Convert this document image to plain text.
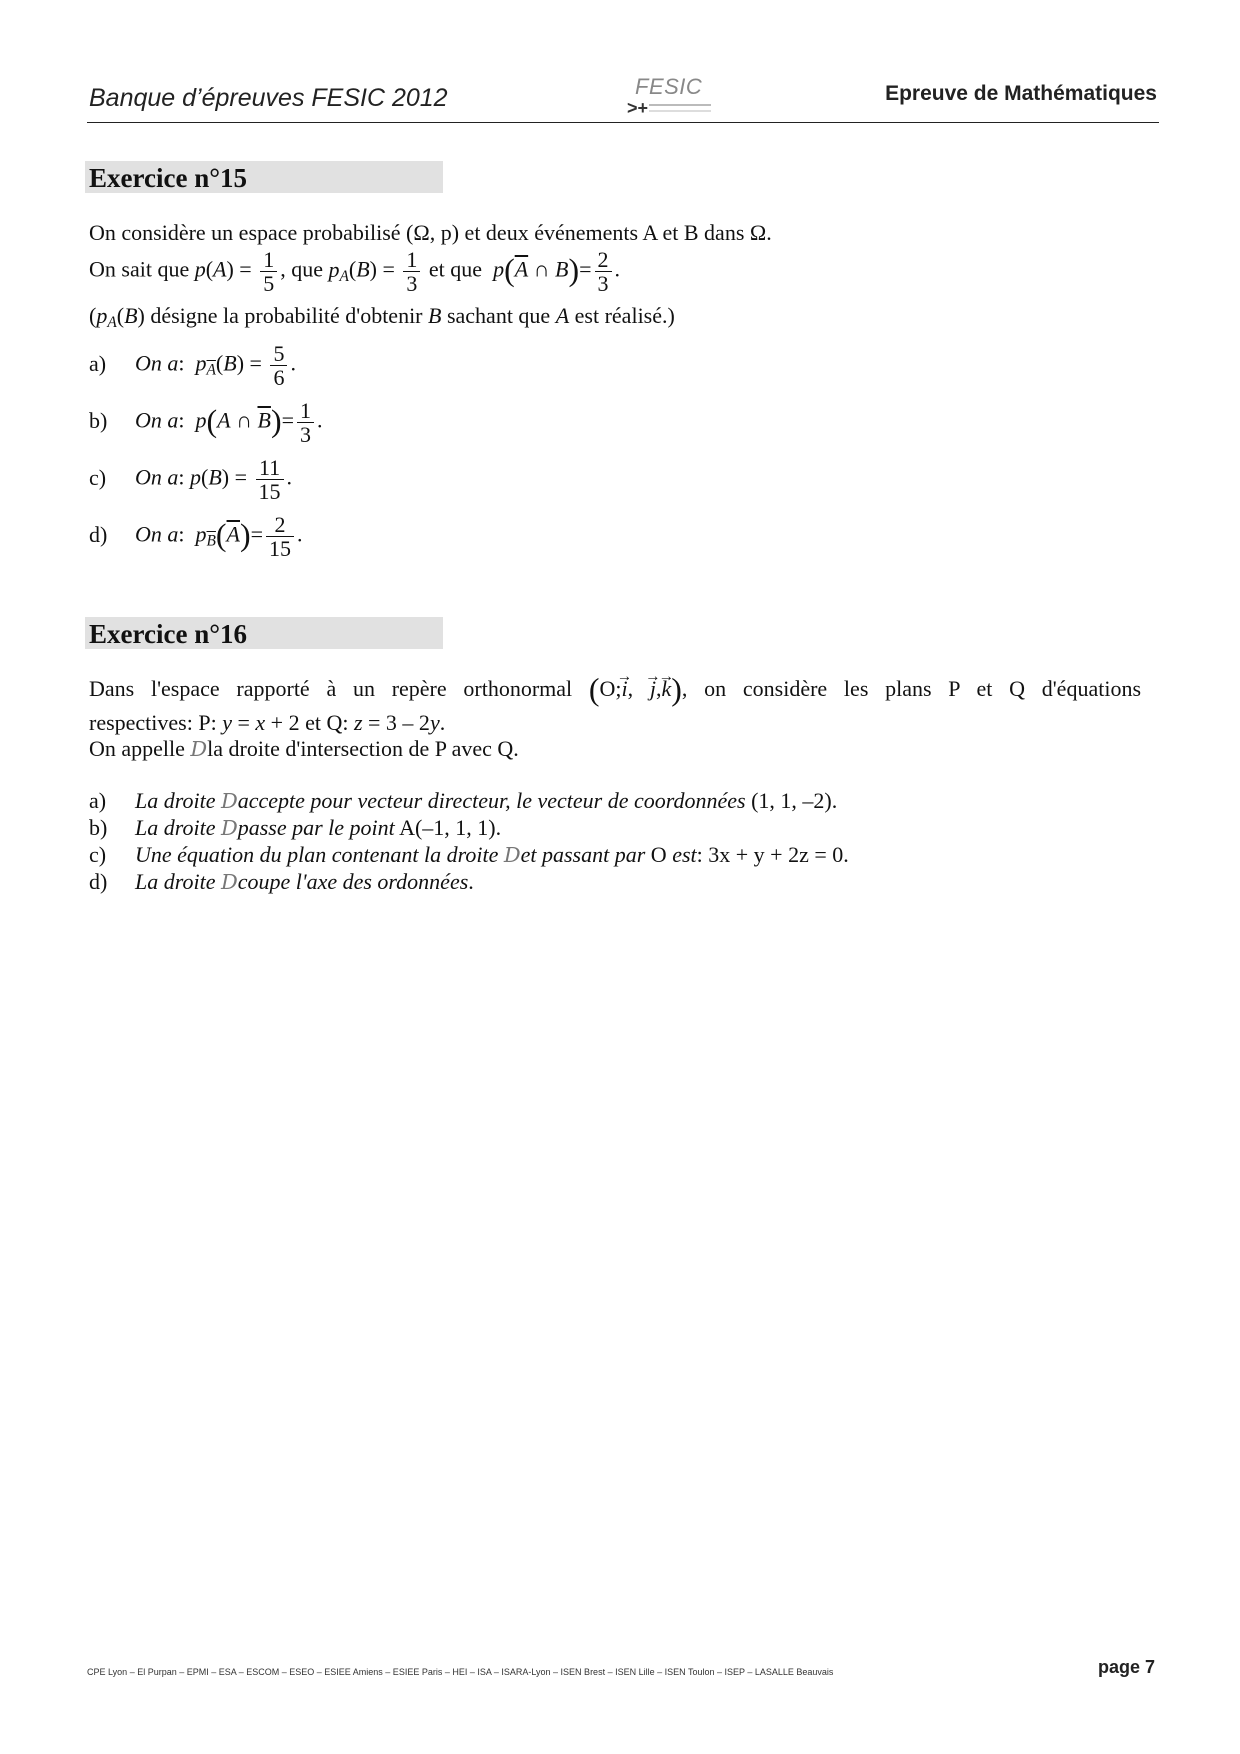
Banque d’épreuves FESIC 2012	FESIC
>+
Epreuve de Mathématiques
Exercice n°15
On considère un espace probabilisé (Ω, p) et deux événements A et B dans Ω.
On sait que $p(A) = \frac{1}{5}$ , que $p_A(B) = \frac{1}{3}$ et que $p(\overline{A}$ ∩ $B)= \frac{2}{3}$ .
($p_A(B)$ désigne la probabilité d'obtenir B sachant que A est réalisé.)
a) On a:  $p_{\overline{A}}(B) = \frac{5}{6}$ .
b) On a:  p(A ∩ $\overline{B})= \frac{1}{3}$ .
c) On a: $p(B) = \frac{11}{15}$ .
d) On a:  $p_{\overline{B}}(\overline{A})= \frac{2}{15}$ .
Exercice n°16
Dans l'espace rapporté à un repère orthonormal (O;→ i, → j,→ k), on considère les plans P et Q d'équations
respectives: P: y = x + 2 et Q: z = 3 – 2y.
On appelle Dla droite d'intersection de P avec Q.
a) La droite Daccepte pour vecteur directeur, le vecteur de coordonnées (1, 1, –2).
b) La droite Dpasse par le point A(–1, 1, 1).
c) Une équation du plan contenant la droite Det passant par O est: 3x + y + 2z = 0.
d) La droite Dcoupe l'axe des ordonnées.
CPE Lyon – El Purpan – EPMI – ESA – ESCOM – ESEO – ESIEE Amiens – ESIEE Paris – HEI – ISA – ISARA-Lyon – ISEN Brest – ISEN Lille – ISEN Toulon – ISEP – LASALLE Beauvais	page 7
